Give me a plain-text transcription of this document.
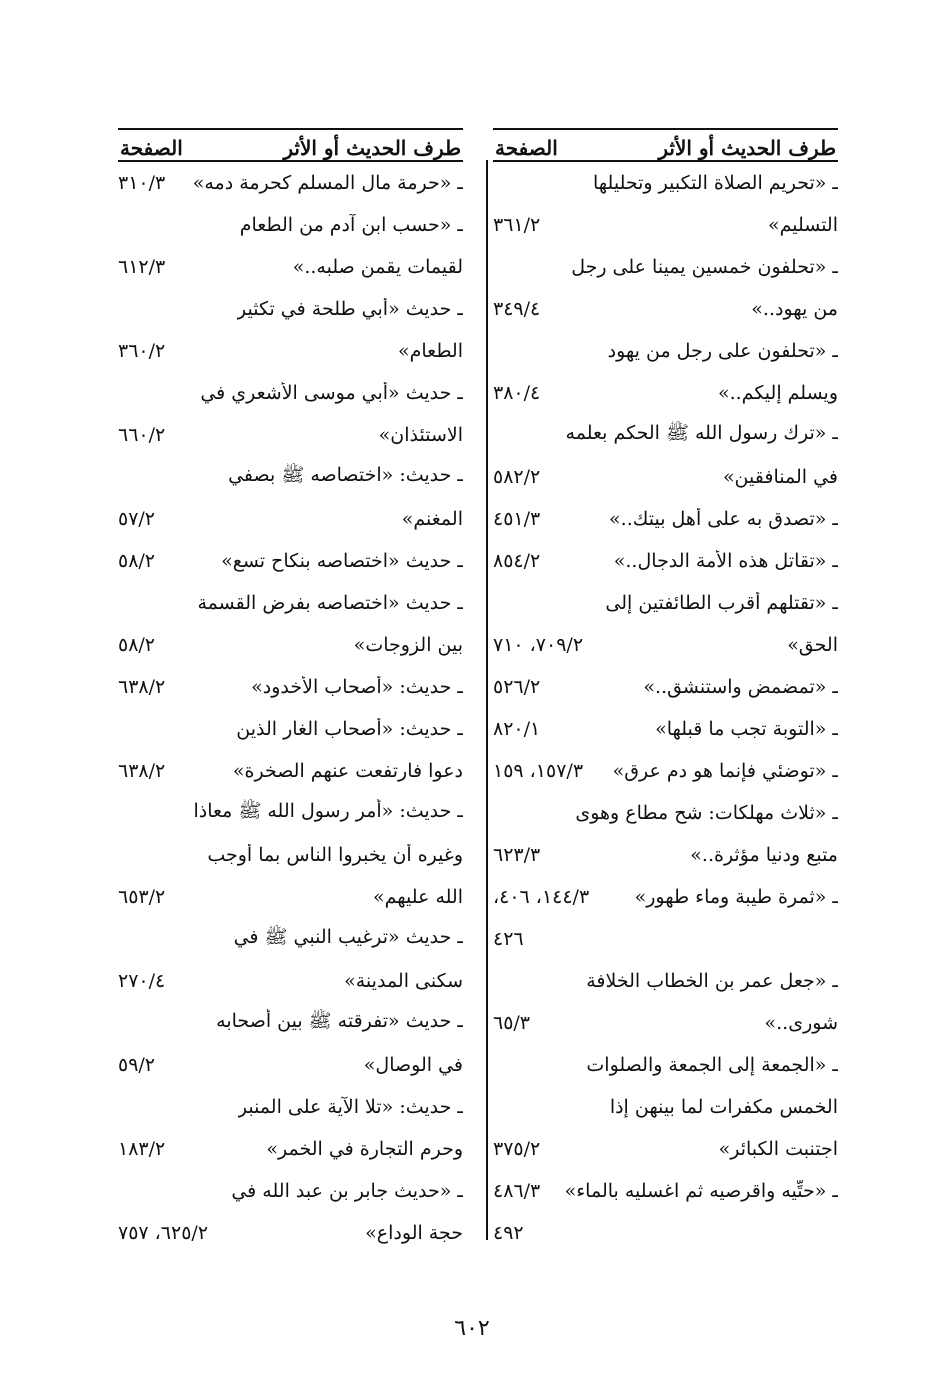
طرف الحديث أو الأثر
الصفحة
ـ «تحريم الصلاة التكبير وتحليلها
التسليم»
٣٦١/٢
ـ «تحلفون خمسين يمينا على رجل
من يهود..»
٣٤٩/٤
ـ «تحلفون على رجل من يهود
ويسلم إليكم..»
٣٨٠/٤
ـ «ترك رسول الله ﷺ الحكم بعلمه
في المنافقين»
٥٨٢/٢
ـ «تصدق به على أهل بيتك..»
٤٥١/٣
ـ «تقاتل هذه الأمة الدجال..»
٨٥٤/٢
ـ «تقتلهم أقرب الطائفتين إلى
الحق»
٧٠٩/٢، ٧١٠
ـ «تمضمض واستنشق..»
٥٢٦/٢
ـ «التوبة تجب ما قبلها»
٨٢٠/١
ـ «توضئي فإنما هو دم عرق»
١٥٧/٣، ١٥٩
ـ «ثلاث مهلكات: شح مطاع وهوى
متبع ودنيا مؤثرة..»
٦٢٣/٣
ـ «ثمرة طيبة وماء طهور»
١٤٤/٣، ٤٠٦،
٤٢٦
ـ «جعل عمر بن الخطاب الخلافة
شورى..»
٦٥/٣
ـ «الجمعة إلى الجمعة والصلوات
الخمس مكفرات لما بينهن إذا
اجتنبت الكبائر»
٣٧٥/٢
ـ «حتِّيه واقرصيه ثم اغسليه بالماء»
٤٨٦/٣
٤٩٢
طرف الحديث أو الأثر
الصفحة
ـ «حرمة مال المسلم كحرمة دمه»
٣١٠/٣
ـ «حسب ابن آدم من الطعام
لقيمات يقمن صلبه..»
٦١٢/٣
ـ حديث «أبي طلحة في تكثير
الطعام»
٣٦٠/٢
ـ حديث «أبي موسى الأشعري في
الاستئذان»
٦٦٠/٢
ـ حديث: «اختصاصه ﷺ بصفي
المغنم»
٥٧/٢
ـ حديث «اختصاصه بنكاح تسع»
٥٨/٢
ـ حديث «اختصاصه بفرض القسمة
بين الزوجات»
٥٨/٢
ـ حديث: «أصحاب الأخدود»
٦٣٨/٢
ـ حديث: «أصحاب الغار الذين
دعوا فارتفعت عنهم الصخرة»
٦٣٨/٢
ـ حديث: «أمر رسول الله ﷺ معاذا
وغيره أن يخبروا الناس بما أوجب
الله عليهم»
٦٥٣/٢
ـ حديث «ترغيب النبي ﷺ في
سكنى المدينة»
٢٧٠/٤
ـ حديث «تفرقته ﷺ بين أصحابه
في الوصال»
٥٩/٢
ـ حديث: «تلا الآية على المنبر
وحرم التجارة في الخمر»
١٨٣/٢
ـ «حديث جابر بن عبد الله في
حجة الوداع»
٦٢٥/٢، ٧٥٧
٦٠٢
